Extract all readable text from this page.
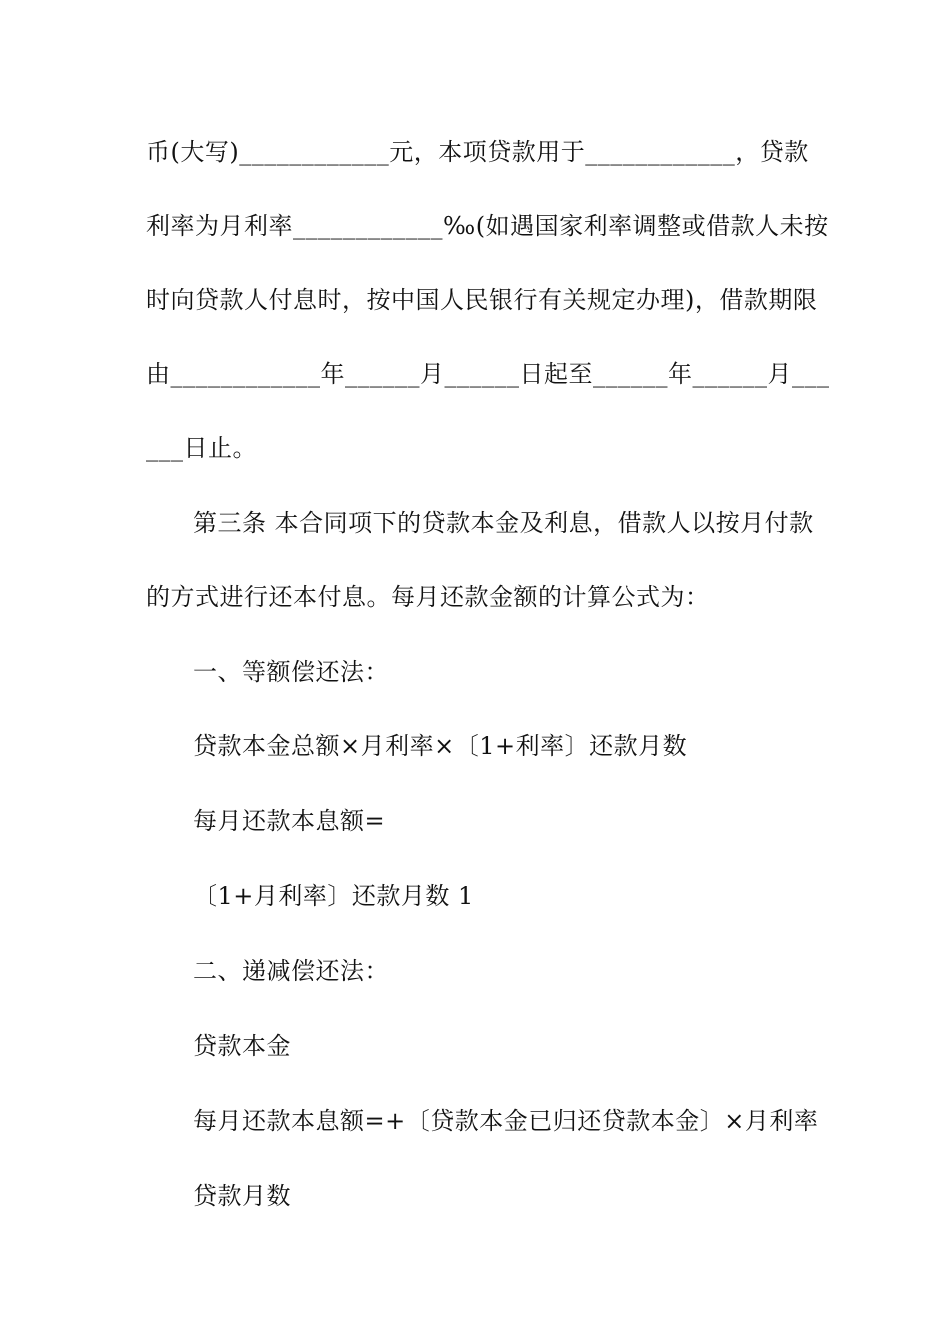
币(大写)____________元，本项贷款用于____________，贷款
利率为月利率____________‰(如遇国家利率调整或借款人未按
时向贷款人付息时，按中国人民银行有关规定办理)，借款期限
由____________年______月______日起至______年______月___
___日止。
第三条 本合同项下的贷款本金及利息，借款人以按月付款
的方式进行还本付息。每月还款金额的计算公式为：
一、等额偿还法：
贷款本金总额×月利率×〔1+利率〕还款月数
每月还款本息额=
〔1+月利率〕还款月数 1
二、递减偿还法：
贷款本金
每月还款本息额=+〔贷款本金已归还贷款本金〕×月利率
贷款月数
